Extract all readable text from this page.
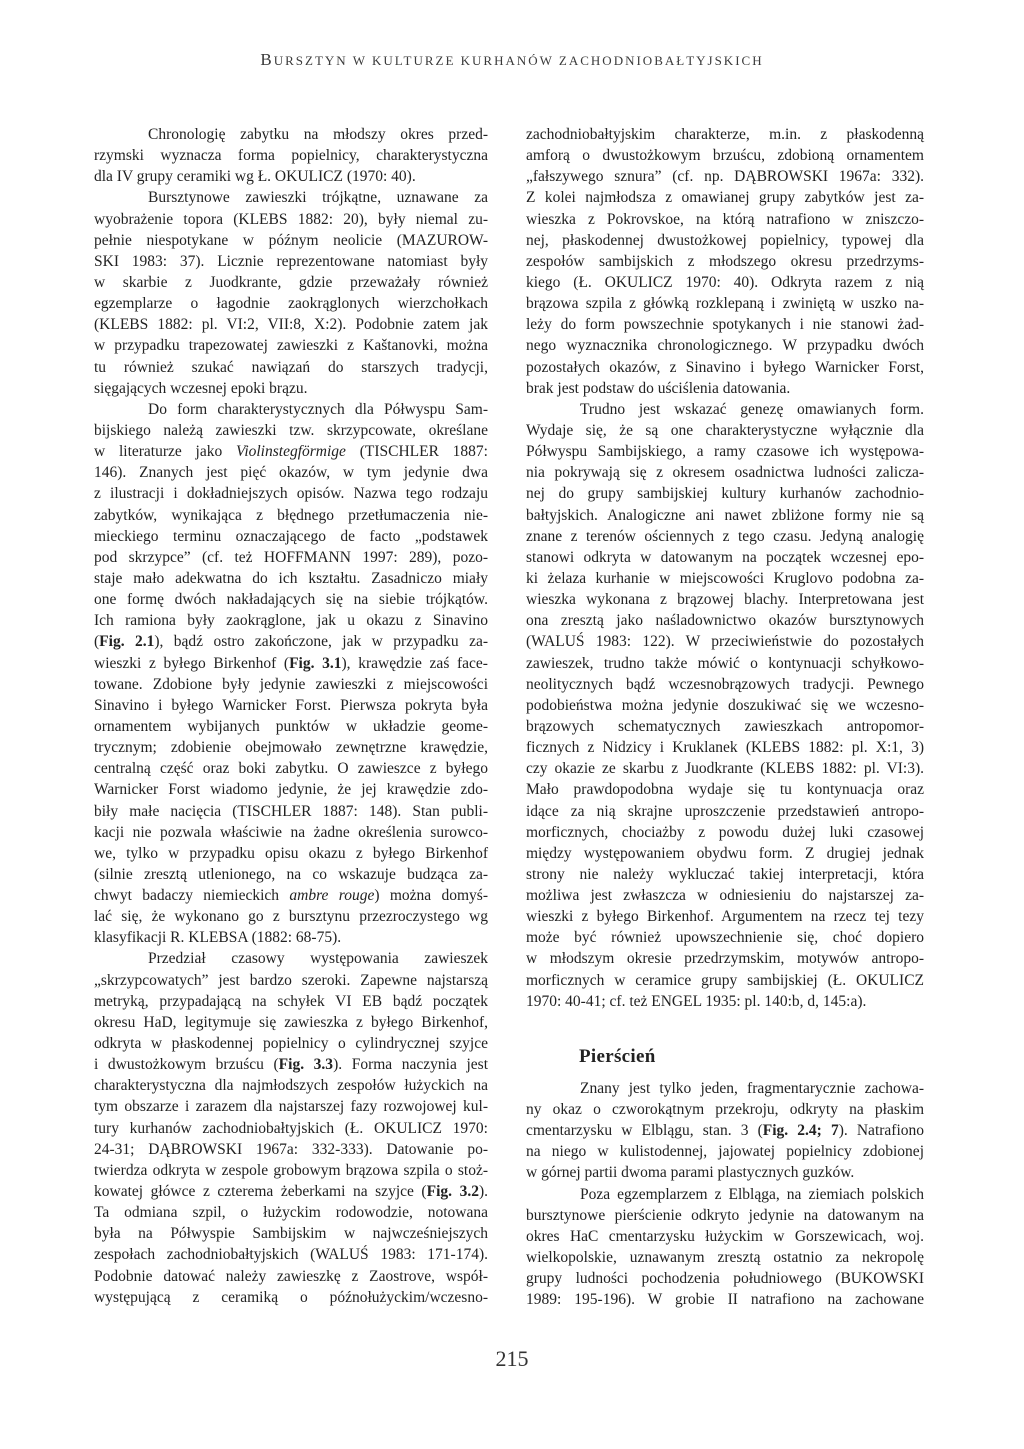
BURSZTYN W KULTURZE KURHANÓW ZACHODNIOBAŁTYJSKICH
Chronologię zabytku na młodszy okres przed-
rzymski wyznacza forma popielnicy, charakterystyczna
dla IV grupy ceramiki wg Ł. OKULICZ (1970: 40).
Bursztynowe zawieszki trójkątne, uznawane za
wyobrażenie topora (KLEBS 1882: 20), były niemal zu-
pełnie niespotykane w późnym neolicie (MAZUROW-
SKI 1983: 37). Licznie reprezentowane natomiast były
w skarbie z Juodkrante, gdzie przeważały również
egzemplarze o łagodnie zaokrąglonych wierzchołkach
(KLEBS 1882: pl. VI:2, VII:8, X:2). Podobnie zatem jak
w przypadku trapezowatej zawieszki z Kaštanovki, można
tu również szukać nawiązań do starszych tradycji,
sięgających wczesnej epoki brązu.
Do form charakterystycznych dla Półwyspu Sam-
bijskiego należą zawieszki tzw. skrzypcowate, określane
w literaturze jako Violinstegförmige (TISCHLER 1887:
146). Znanych jest pięć okazów, w tym jedynie dwa
z ilustracji i dokładniejszych opisów. Nazwa tego rodzaju
zabytków, wynikająca z błędnego przetłumaczenia nie-
mieckiego terminu oznaczającego de facto „podstawek
pod skrzypce” (cf. też HOFFMANN 1997: 289), pozo-
staje mało adekwatna do ich kształtu. Zasadniczo miały
one formę dwóch nakładających się na siebie trójkątów.
Ich ramiona były zaokrąglone, jak u okazu z Sinavino
(Fig. 2.1), bądź ostro zakończone, jak w przypadku za-
wieszki z byłego Birkenhof (Fig. 3.1), krawędzie zaś face-
towane. Zdobione były jedynie zawieszki z miejscowości
Sinavino i byłego Warnicker Forst. Pierwsza pokryta była
ornamentem wybijanych punktów w układzie geome-
trycznym; zdobienie obejmowało zewnętrzne krawędzie,
centralną część oraz boki zabytku. O zawieszce z byłego
Warnicker Forst wiadomo jedynie, że jej krawędzie zdo-
biły małe nacięcia (TISCHLER 1887: 148). Stan publi-
kacji nie pozwala właściwie na żadne określenia surowco-
we, tylko w przypadku opisu okazu z byłego Birkenhof
(silnie zresztą utlenionego, na co wskazuje budząca za-
chwyt badaczy niemieckich ambre rouge) można domyś-
lać się, że wykonano go z bursztynu przezroczystego wg
klasyfikacji R. KLEBSA (1882: 68-75).
Przedział czasowy występowania zawieszek
„skrzypcowatych” jest bardzo szeroki. Zapewne najstarszą
metryką, przypadającą na schyłek VI EB bądź początek
okresu HaD, legitymuje się zawieszka z byłego Birkenhof,
odkryta w płaskodennej popielnicy o cylindrycznej szyjce
i dwustożkowym brzuścu (Fig. 3.3). Forma naczynia jest
charakterystyczna dla najmłodszych zespołów łużyckich na
tym obszarze i zarazem dla najstarszej fazy rozwojowej kul-
tury kurhanów zachodniobałtyjskich (Ł. OKULICZ 1970:
24-31; DĄBROWSKI 1967a: 332-333). Datowanie po-
twierdza odkryta w zespole grobowym brązowa szpila o stoż-
kowatej główce z czterema żeberkami na szyjce (Fig. 3.2).
Ta odmiana szpil, o łużyckim rodowodzie, notowana
była na Półwyspie Sambijskim w najwcześniejszych
zespołach zachodniobałtyjskich (WALUŚ 1983: 171-174).
Podobnie datować należy zawieszkę z Zaostrove, współ-
występującą z ceramiką o późnołużyckim/wczesno-
zachodniobałtyjskim charakterze, m.in. z płaskodenną
amforą o dwustożkowym brzuścu, zdobioną ornamentem
„fałszywego sznura” (cf. np. DĄBROWSKI 1967a: 332).
Z kolei najmłodsza z omawianej grupy zabytków jest za-
wieszka z Pokrovskoe, na którą natrafiono w zniszczo-
nej, płaskodennej dwustożkowej popielnicy, typowej dla
zespołów sambijskich z młodszego okresu przedrzyms-
kiego (Ł. OKULICZ 1970: 40). Odkryta razem z nią
brązowa szpila z główką rozklepaną i zwiniętą w uszko na-
leży do form powszechnie spotykanych i nie stanowi żad-
nego wyznacznika chronologicznego. W przypadku dwóch
pozostałych okazów, z Sinavino i byłego Warnicker Forst,
brak jest podstaw do uściślenia datowania.
Trudno jest wskazać genezę omawianych form.
Wydaje się, że są one charakterystyczne wyłącznie dla
Półwyspu Sambijskiego, a ramy czasowe ich występowa-
nia pokrywają się z okresem osadnictwa ludności zalicza-
nej do grupy sambijskiej kultury kurhanów zachodnio-
bałtyjskich. Analogiczne ani nawet zbliżone formy nie są
znane z terenów ościennych z tego czasu. Jedyną analogię
stanowi odkryta w datowanym na początek wczesnej epo-
ki żelaza kurhanie w miejscowości Kruglovo podobna za-
wieszka wykonana z brązowej blachy. Interpretowana jest
ona zresztą jako naśladownictwo okazów bursztynowych
(WALUŚ 1983: 122). W przeciwieństwie do pozostałych
zawieszek, trudno także mówić o kontynuacji schyłkowo-
neolitycznych bądź wczesnobrązowych tradycji. Pewnego
podobieństwa można jedynie doszukiwać się we wczesno-
brązowych schematycznych zawieszkach antropomor-
ficznych z Nidzicy i Kruklanek (KLEBS 1882: pl. X:1, 3)
czy okazie ze skarbu z Juodkrante (KLEBS 1882: pl. VI:3).
Mało prawdopodobna wydaje się tu kontynuacja oraz
idące za nią skrajne uproszczenie przedstawień antropo-
morficznych, chociażby z powodu dużej luki czasowej
między występowaniem obydwu form. Z drugiej jednak
strony nie należy wykluczać takiej interpretacji, która
możliwa jest zwłaszcza w odniesieniu do najstarszej za-
wieszki z byłego Birkenhof. Argumentem na rzecz tej tezy
może być również upowszechnienie się, choć dopiero
w młodszym okresie przedrzymskim, motywów antropo-
morficznych w ceramice grupy sambijskiej (Ł. OKULICZ
1970: 40-41; cf. też ENGEL 1935: pl. 140:b, d, 145:a).
Pierścień
Znany jest tylko jeden, fragmentarycznie zachowa-
ny okaz o czworokątnym przekroju, odkryty na płaskim
cmentarzysku w Elblągu, stan. 3 (Fig. 2.4; 7). Natrafiono
na niego w kulistodennej, jajowatej popielnicy zdobionej
w górnej partii dwoma parami plastycznych guzków.
Poza egzemplarzem z Elbląga, na ziemiach polskich
bursztynowe pierścienie odkryto jedynie na datowanym na
okres HaC cmentarzysku łużyckim w Gorszewicach, woj.
wielkopolskie, uznawanym zresztą ostatnio za nekropolę
grupy ludności pochodzenia południowego (BUKOWSKI
1989: 195-196). W grobie II natrafiono na zachowane
215
